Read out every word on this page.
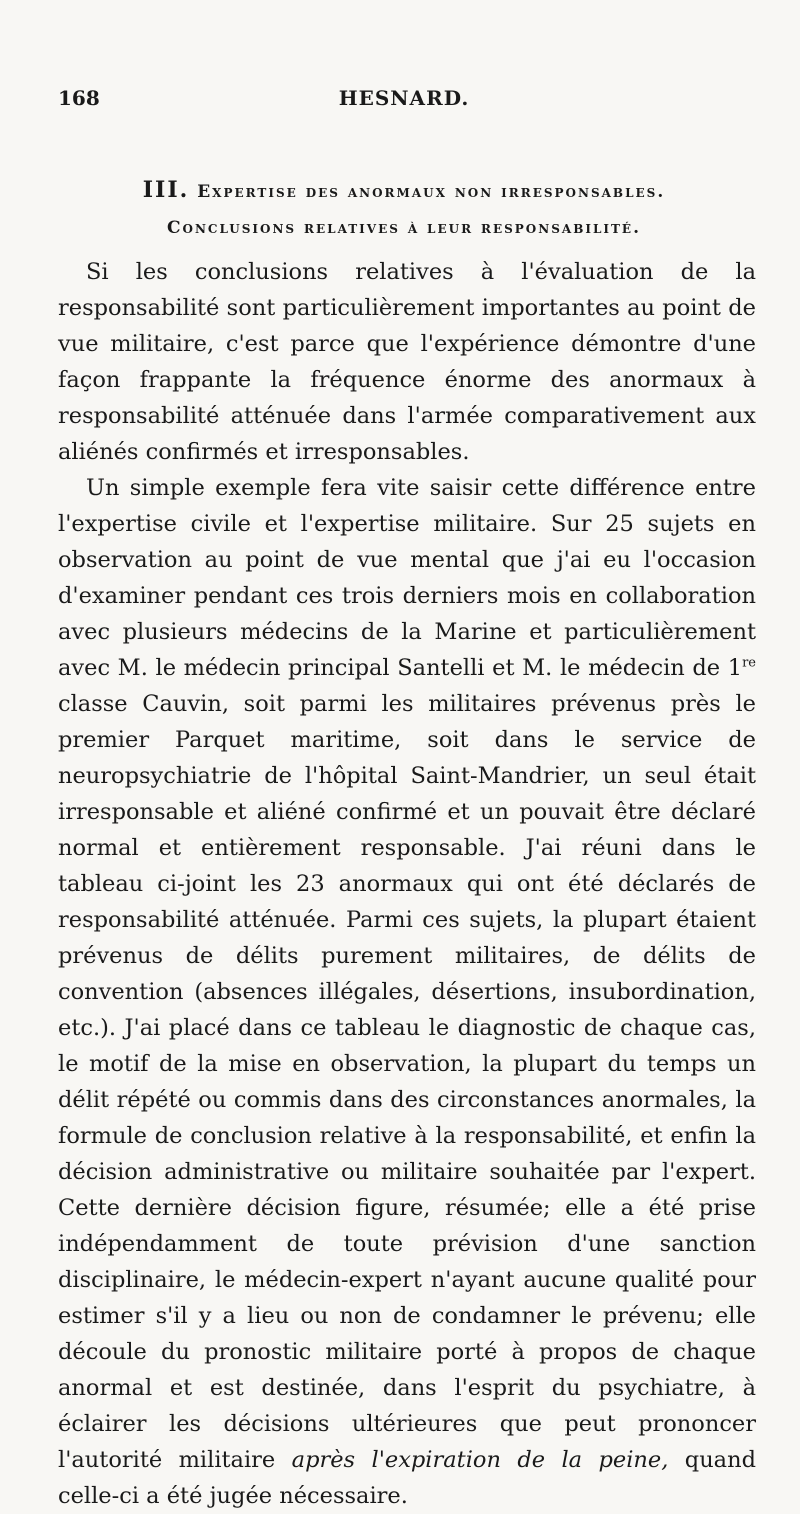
168	HESNARD.
III. Expertise des anormaux non irresponsables.
Conclusions relatives à leur responsabilité.

Si les conclusions relatives à l'évaluation de la responsabilité sont particulièrement importantes au point de vue militaire, c'est parce que l'expérience démontre d'une façon frappante la fréquence énorme des anormaux à responsabilité atténuée dans l'armée comparativement aux aliénés confirmés et irresponsables.

Un simple exemple fera vite saisir cette différence entre l'expertise civile et l'expertise militaire. Sur 25 sujets en observation au point de vue mental que j'ai eu l'occasion d'examiner pendant ces trois derniers mois en collaboration avec plusieurs médecins de la Marine et particulièrement avec M. le médecin principal Santelli et M. le médecin de 1re classe Cauvin, soit parmi les militaires prévenus près le premier Parquet maritime, soit dans le service de neuropsychiatrie de l'hôpital Saint-Mandrier, un seul était irresponsable et aliéné confirmé et un pouvait être déclaré normal et entièrement responsable. J'ai réuni dans le tableau ci-joint les 23 anormaux qui ont été déclarés de responsabilité atténuée. Parmi ces sujets, la plupart étaient prévenus de délits purement militaires, de délits de convention (absences illégales, désertions, insubordination, etc.). J'ai placé dans ce tableau le diagnostic de chaque cas, le motif de la mise en observation, la plupart du temps un délit répété ou commis dans des circonstances anormales, la formule de conclusion relative à la responsabilité, et enfin la décision administrative ou militaire souhaitée par l'expert. Cette dernière décision figure, résumée; elle a été prise indépendamment de toute prévision d'une sanction disciplinaire, le médecin-expert n'ayant aucune qualité pour estimer s'il y a lieu ou non de condamner le prévenu; elle découle du pronostic militaire porté à propos de chaque anormal et est destinée, dans l'esprit du psychiatre, à éclairer les décisions ultérieures que peut prononcer l'autorité militaire après l'expiration de la peine, quand celle-ci a été jugée nécessaire.
